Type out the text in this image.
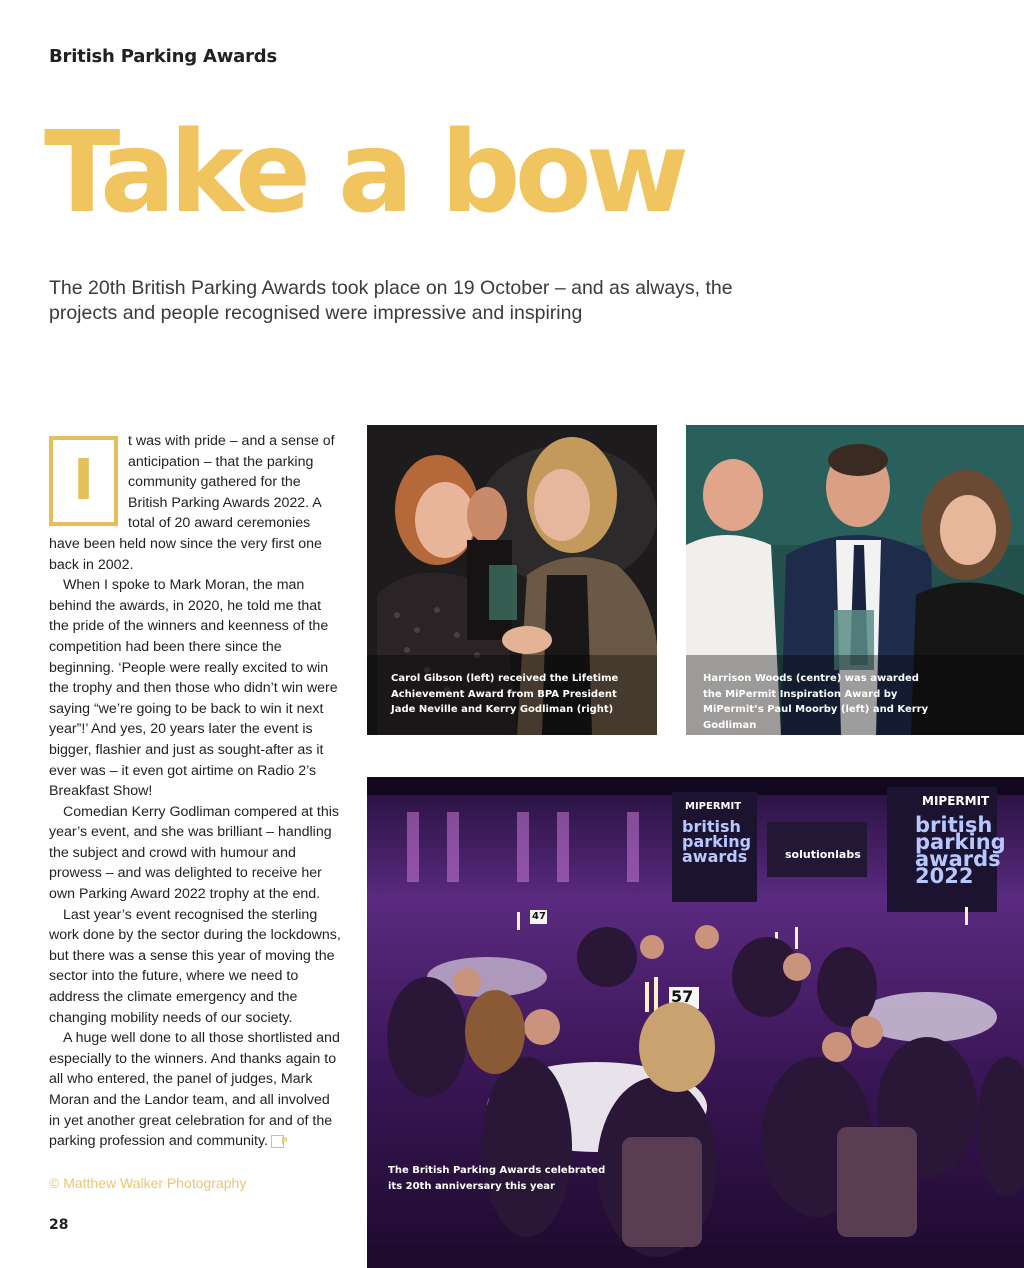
British Parking Awards
Take a bow
The 20th British Parking Awards took place on 19 October – and as always, the projects and people recognised were impressive and inspiring
I

t was with pride – and a sense of anticipation – that the parking community gathered for the British Parking Awards 2022. A total of 20 award ceremonies have been held now since the very first one back in 2002.

When I spoke to Mark Moran, the man behind the awards, in 2020, he told me that the pride of the winners and keenness of the competition had been there since the beginning. ‘People were really excited to win the trophy and then those who didn’t win were saying “we’re going to be back to win it next year”!’ And yes, 20 years later the event is bigger, flashier and just as sought-after as it ever was – it even got airtime on Radio 2’s Breakfast Show!

Comedian Kerry Godliman compered at this year’s event, and she was brilliant – handling the subject and crowd with humour and prowess – and was delighted to receive her own Parking Award 2022 trophy at the end.

Last year’s event recognised the sterling work done by the sector during the lockdowns, but there was a sense this year of moving the sector into the future, where we need to address the climate emergency and the changing mobility needs of our society.

A huge well done to all those shortlisted and especially to the winners. And thanks again to all who entered, the panel of judges, Mark Moran and the Landor team, and all involved in yet another great celebration for and of the parking profession and community. P

© Matthew Walker Photography
28
Carol Gibson (left) received the Lifetime Achievement Award from BPA President Jade Neville and Kerry Godliman (right)
Harrison Woods (centre) was awarded the MiPermit Inspiration Award by MiPermit’s Paul Moorby (left) and Kerry Godliman
MIPERMIT	MIPERMIT
british
parking
awards
british
parking
awards
2022
solutionlabs
57
47
The British Parking Awards celebrated its 20th anniversary this year
